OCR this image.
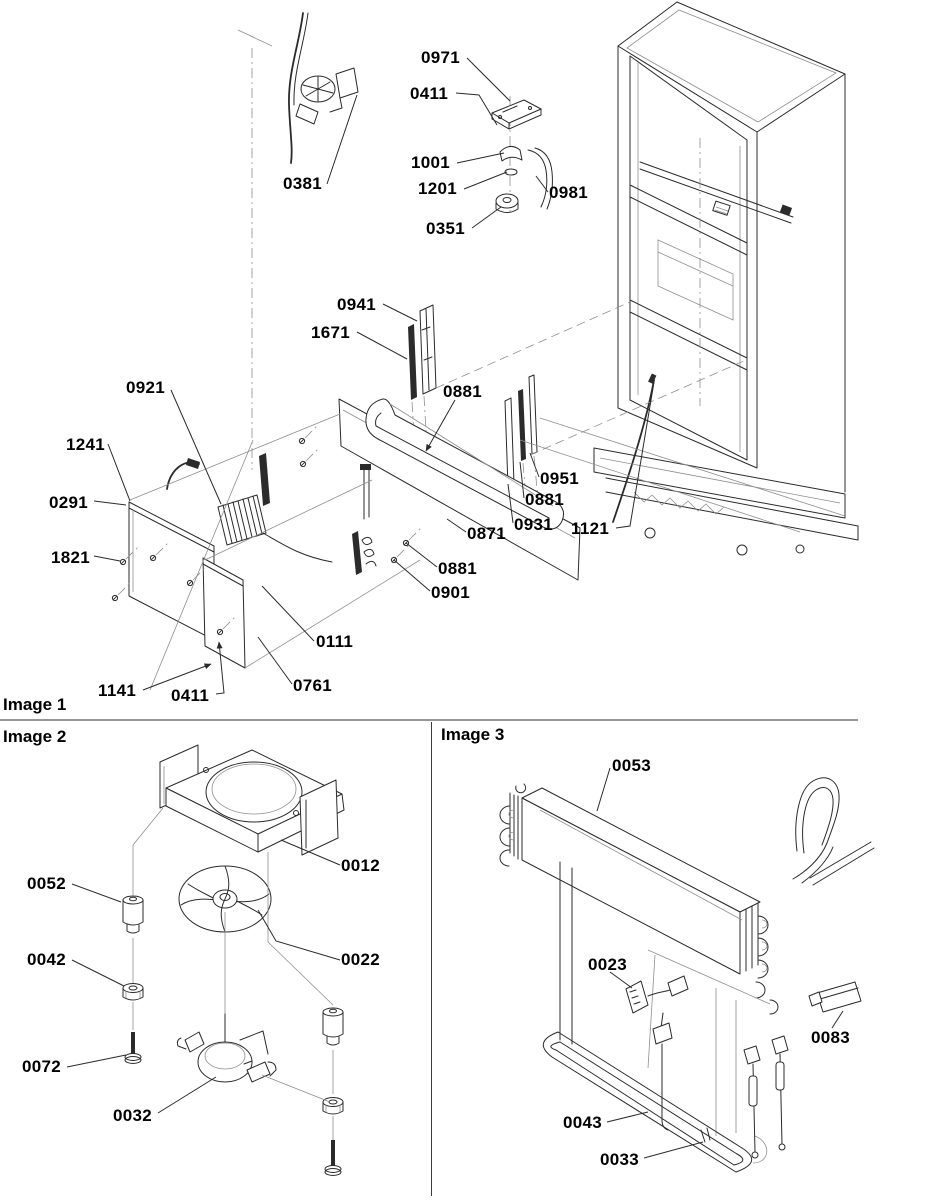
Image 1
Image 2	Image 3
0381
0971
0411
1001
1201	0981
0351
0941
1671
0921	0881
1241
0291
1821
0951
0881
0931
0871	1121
0881
0901
0111
1141 0411
0761
0012
0052
0042	0022
0072
0032
0053
0023
0083
0043
0033
